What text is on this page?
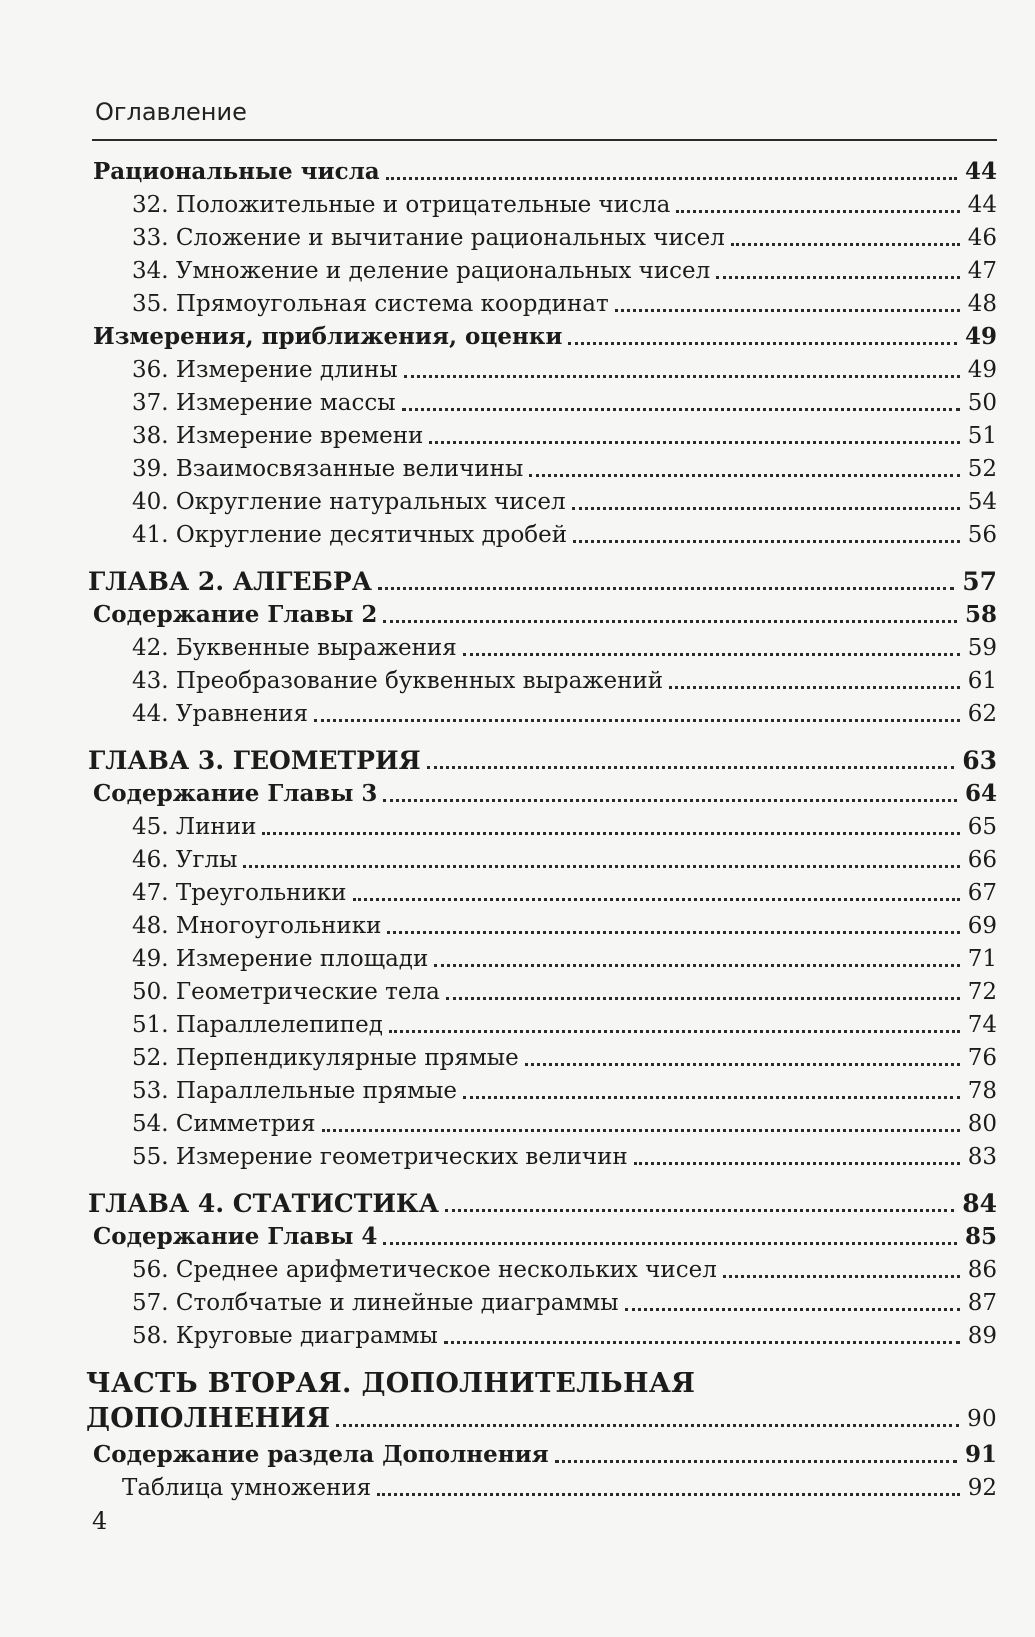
Оглавление
Рациональные числа	44
32. Положительные и отрицательные числа	44
33. Сложение и вычитание рациональных чисел	46
34. Умножение и деление рациональных чисел	47
35. Прямоугольная система координат	48
Измерения, приближения, оценки	49
36. Измерение длины	49
37. Измерение массы	50
38. Измерение времени	51
39. Взаимосвязанные величины	52
40. Округление натуральных чисел	54
41. Округление десятичных дробей	56
ГЛАВА 2. АЛГЕБРА	57
Содержание Главы 2	58
42. Буквенные выражения	59
43. Преобразование буквенных выражений	61
44. Уравнения	62
ГЛАВА 3. ГЕОМЕТРИЯ	63
Содержание Главы 3	64
45. Линии	65
46. Углы	66
47. Треугольники	67
48. Многоугольники	69
49. Измерение площади	71
50. Геометрические тела	72
51. Параллелепипед	74
52. Перпендикулярные прямые	76
53. Параллельные прямые	78
54. Симметрия	80
55. Измерение геометрических величин	83
ГЛАВА 4. СТАТИСТИКА	84
Содержание Главы 4	85
56. Среднее арифметическое нескольких чисел	86
57. Столбчатые и линейные диаграммы	87
58. Круговые диаграммы	89
ЧАСТЬ ВТОРАЯ. ДОПОЛНИТЕЛЬНАЯ
ДОПОЛНЕНИЯ	90
Содержание раздела Дополнения	91
Таблица умножения	92
4
